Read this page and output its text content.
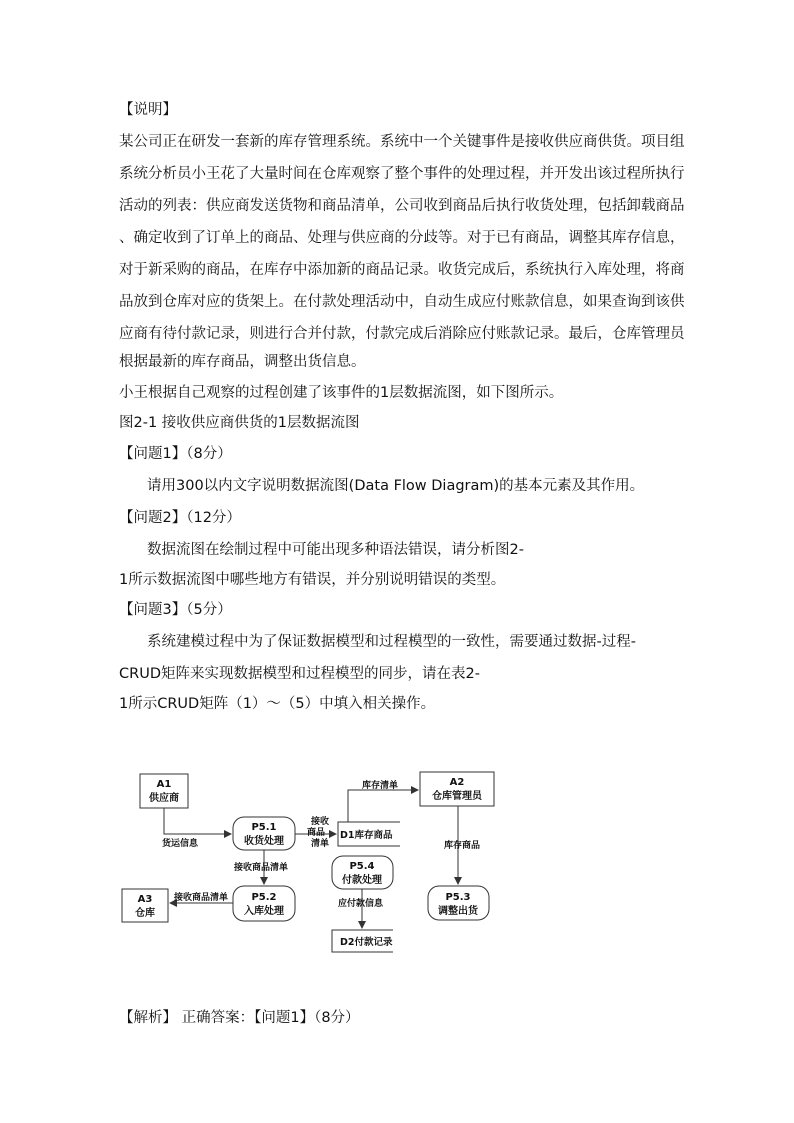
【说明】
某公司正在研发一套新的库存管理系统。系统中一个关键事件是接收供应商供货。项目组
系统分析员小王花了大量时间在仓库观察了整个事件的处理过程，并开发出该过程所执行
活动的列表：供应商发送货物和商品清单，公司收到商品后执行收货处理，包括卸载商品
、确定收到了订单上的商品、处理与供应商的分歧等。对于已有商品，调整其库存信息，
对于新采购的商品，在库存中添加新的商品记录。收货完成后，系统执行入库处理，将商
品放到仓库对应的货架上。在付款处理活动中，自动生成应付账款信息，如果查询到该供
应商有待付款记录，则进行合并付款，付款完成后消除应付账款记录。最后，仓库管理员
根据最新的库存商品，调整出货信息。
小王根据自己观察的过程创建了该事件的1层数据流图，如下图所示。
图2-1 接收供应商供货的1层数据流图
【问题1】（8分）
请用300以内文字说明数据流图(Data Flow Diagram)的基本元素及其作用。
【问题2】（12分）
数据流图在绘制过程中可能出现多种语法错误，请分析图2-
1所示数据流图中哪些地方有错误，并分别说明错误的类型。
【问题3】（5分）
系统建模过程中为了保证数据模型和过程模型的一致性，需要通过数据-过程-
CRUD矩阵来实现数据模型和过程模型的同步，请在表2-
1所示CRUD矩阵（1）～（5）中填入相关操作。
A1
供应商
A2
仓库管理员
A3
仓库
P5.1
收货处理
P5.2
入库处理
P5.4
付款处理
P5.3
调整出货
D1库存商品
D2付款记录
货运信息
接收
商品
清单
接收商品清单
接收商品清单
库存清单
库存商品
应付款信息
【解析】 正确答案：【问题1】（8分）
